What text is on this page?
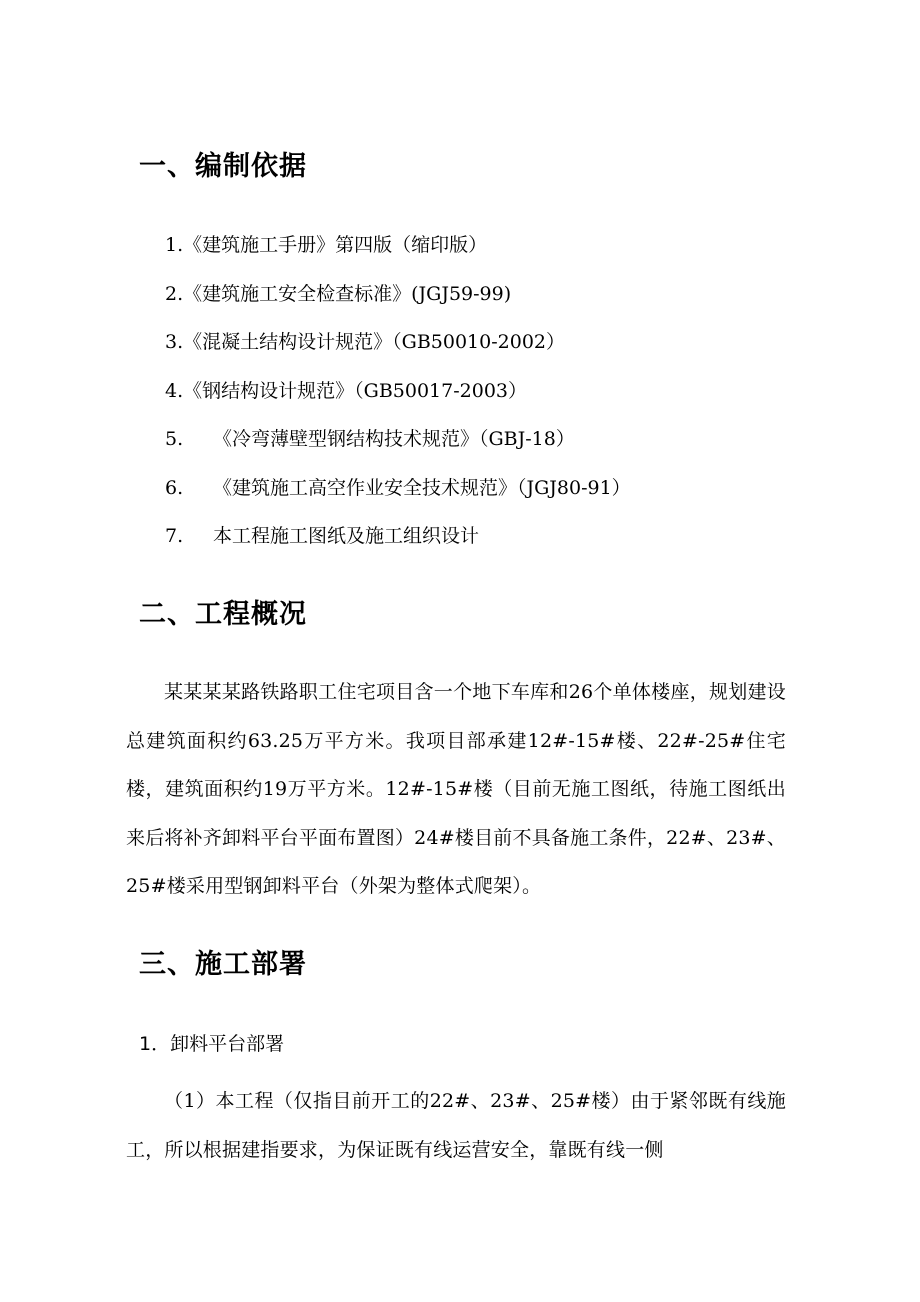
一、编制依据
1.《建筑施工手册》第四版（缩印版）
2.《建筑施工安全检查标准》(JGJ59-99)
3.《混凝土结构设计规范》（GB50010-2002）
4.《钢结构设计规范》（GB50017-2003）
5. 《冷弯薄壁型钢结构技术规范》（GBJ-18）
6. 《建筑施工高空作业安全技术规范》（JGJ80-91）
7. 本工程施工图纸及施工组织设计
二、工程概况
某某某某路铁路职工住宅项目含一个地下车库和26个单体楼座，规划建设总建筑面积约63.25万平方米。我项目部承建12#-15#楼、22#-25#住宅楼，建筑面积约19万平方米。12#-15#楼（目前无施工图纸，待施工图纸出来后将补齐卸料平台平面布置图）24#楼目前不具备施工条件，22#、23#、25#楼采用型钢卸料平台（外架为整体式爬架）。
三、施工部署
1．卸料平台部署
（1）本工程（仅指目前开工的22#、23#、25#楼）由于紧邻既有线施工，所以根据建指要求，为保证既有线运营安全，靠既有线一侧
